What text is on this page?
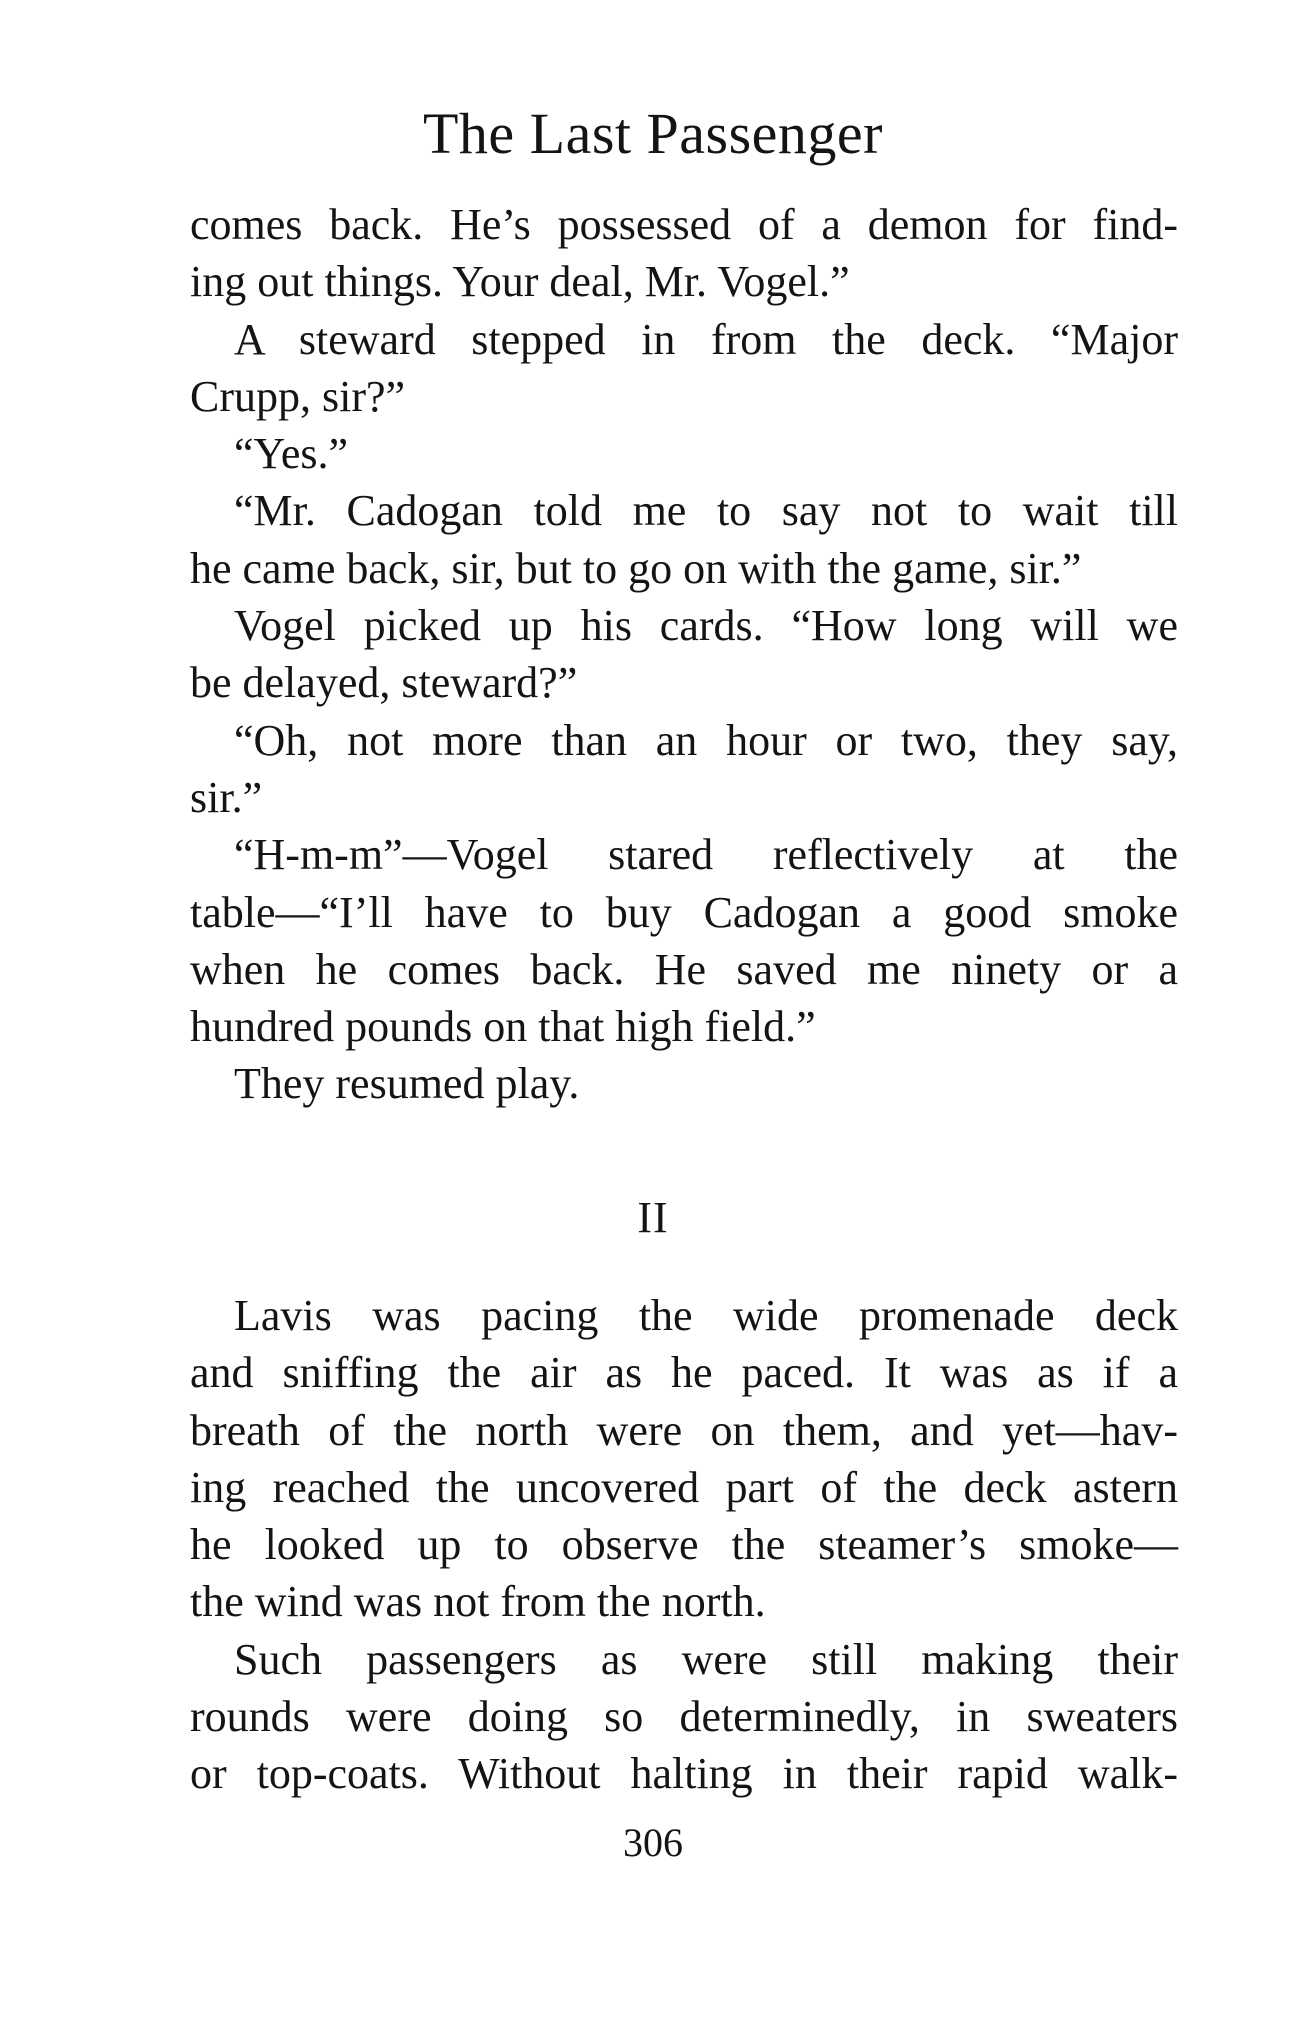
The Last Passenger
comes back. He’s possessed of a demon for find-
ing out things. Your deal, Mr. Vogel.”
A steward stepped in from the deck. “Major
Crupp, sir?”
“Yes.”
“Mr. Cadogan told me to say not to wait till
he came back, sir, but to go on with the game, sir.”
Vogel picked up his cards. “How long will we
be delayed, steward?”
“Oh, not more than an hour or two, they say,
sir.”
“H-m-m”—Vogel stared reflectively at the
table—“I’ll have to buy Cadogan a good smoke
when he comes back. He saved me ninety or a
hundred pounds on that high field.”
They resumed play.
II
Lavis was pacing the wide promenade deck
and sniffing the air as he paced. It was as if a
breath of the north were on them, and yet—hav-
ing reached the uncovered part of the deck astern
he looked up to observe the steamer’s smoke—
the wind was not from the north.
Such passengers as were still making their
rounds were doing so determinedly, in sweaters
or top-coats. Without halting in their rapid walk-
306
